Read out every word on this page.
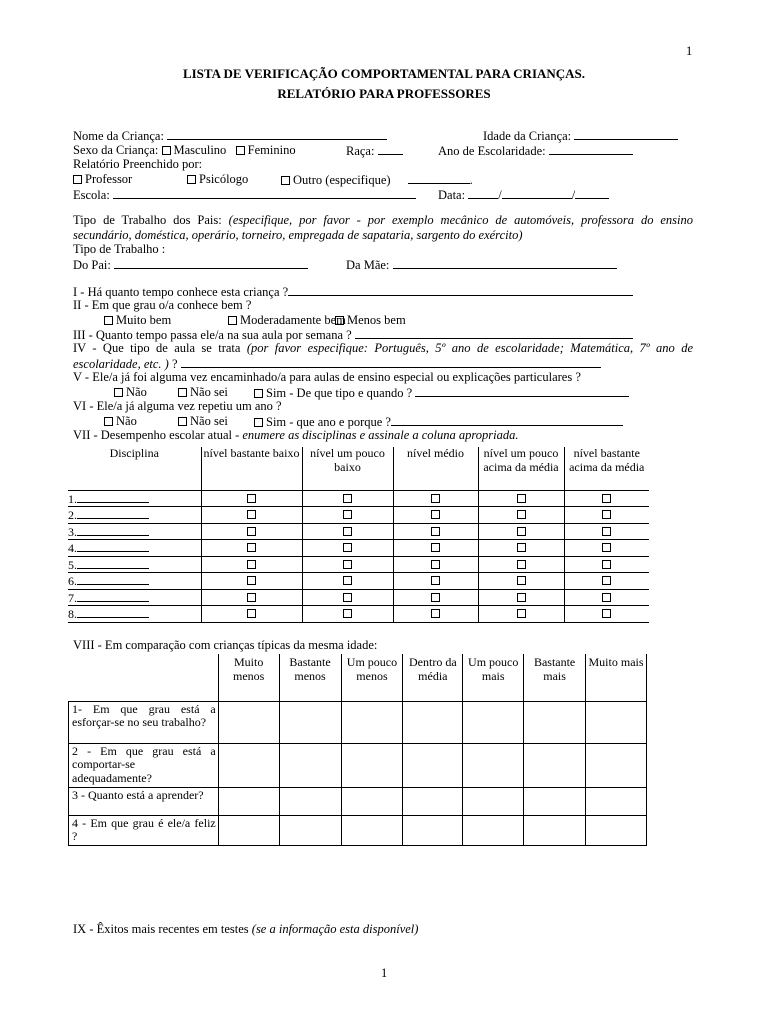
1
LISTA DE VERIFICAÇÃO COMPORTAMENTAL PARA CRIANÇAS.
RELATÓRIO PARA PROFESSORES
Nome da Criança:	Idade da Criança:
Sexo da Criança: Masculino Feminino	Raça:	Ano de Escolaridade:
Relatório Preenchido por:
Professor	Psicólogo	Outro (especifique)	.
Escola:	Data:	/	/
Tipo de Trabalho dos Pais: (especifique, por favor - por exemplo mecânico de automóveis, professora do ensino secundário, doméstica, operário, torneiro, empregada de sapataria, sargento do exército)
Tipo de Trabalho :
Do Pai:	Da Mãe:
I - Há quanto tempo conhece esta criança ?
II - Em que grau o/a conhece bem ?
Muito bem	Moderadamente bem Menos bem
III - Quanto tempo passa ele/a na sua aula por semana ?
IV - Que tipo de aula se trata (por favor especifique: Português, 5º ano de escolaridade; Matemática, 7º ano de escolaridade, etc. ) ?
V - Ele/a já foi alguma vez encaminhado/a para aulas de ensino especial ou explicações particulares ?
Não	Não sei	Sim - De que tipo e quando ?
VI - Ele/a já alguma vez repetiu um ano ?
Não	Não sei	Sim - que ano e porque ?
VII - Desempenho escolar atual - enumere as disciplinas e assinale a coluna apropriada.
Disciplina	nível bastante baixo	nível um pouco baixo	nível médio	nível um pouco acima da média	nível bastante acima da média
1.					
2.					
3.					
4.					
5.					
6.					
7.					
8.					
VIII - Em comparação com crianças típicas da mesma idade:
	Muito menos	Bastante menos	Um pouco menos	Dentro da média	Um pouco mais	Bastante mais	Muito mais
1- Em que grau está a esforçar-se no seu trabalho?							
2 - Em que grau está a comportar-se adequadamente?							
3 - Quanto está a aprender?							
4 - Em que grau é ele/a feliz ?							
IX - Êxitos mais recentes em testes (se a informação esta disponível)
1
